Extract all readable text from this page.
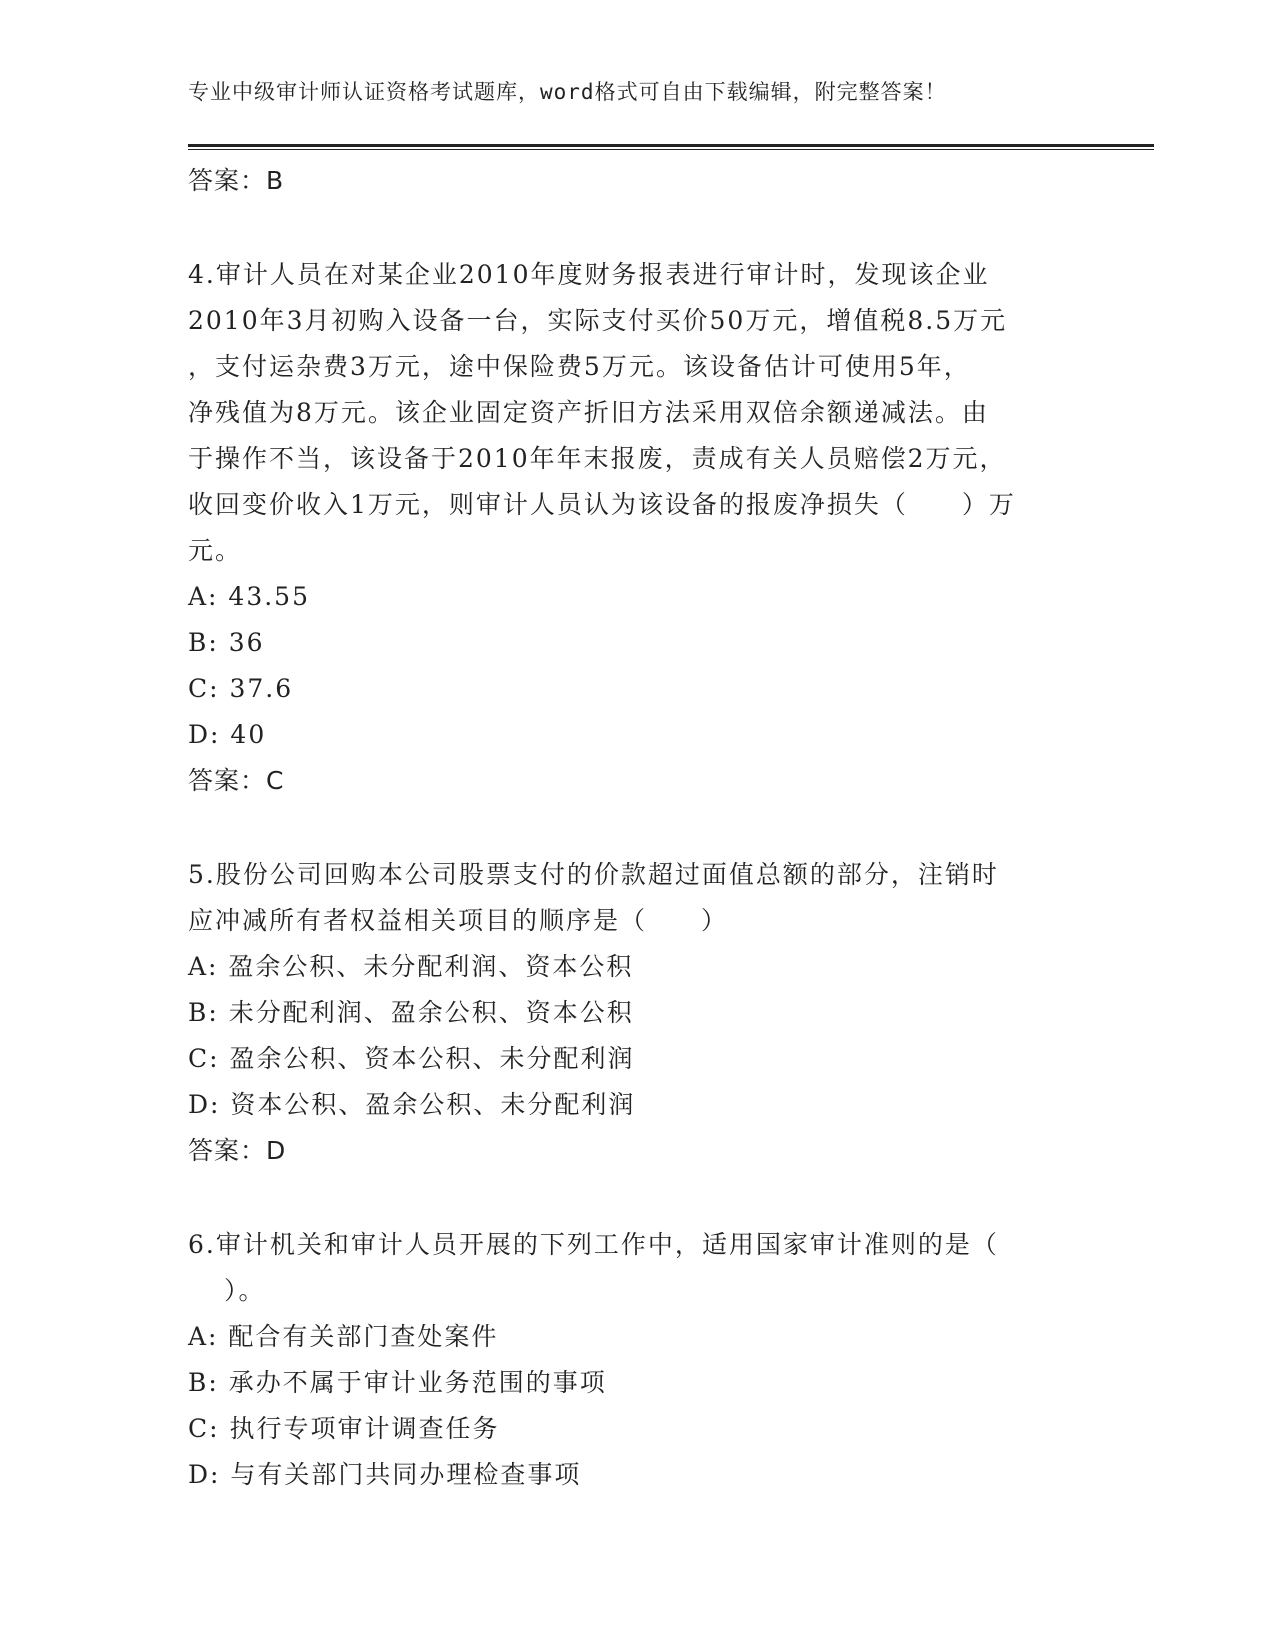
专业中级审计师认证资格考试题库，word格式可自由下载编辑，附完整答案！
答案：B
4.审计人员在对某企业2010年度财务报表进行审计时，发现该企业
2010年3月初购入设备一台，实际支付买价50万元，增值税8.5万元
，支付运杂费3万元，途中保险费5万元。该设备估计可使用5年，
净残值为8万元。该企业固定资产折旧方法采用双倍余额递减法。由
于操作不当，该设备于2010年年末报废，责成有关人员赔偿2万元，
收回变价收入1万元，则审计人员认为该设备的报废净损失（　　）万
元。
A: 43.55
B: 36
C: 37.6
D: 40
答案：C
5.股份公司回购本公司股票支付的价款超过面值总额的部分，注销时
应冲减所有者权益相关项目的顺序是（　　）
A: 盈余公积、未分配利润、资本公积
B: 未分配利润、盈余公积、资本公积
C: 盈余公积、资本公积、未分配利润
D: 资本公积、盈余公积、未分配利润
答案：D
6.审计机关和审计人员开展的下列工作中，适用国家审计准则的是（
）。
A: 配合有关部门查处案件
B: 承办不属于审计业务范围的事项
C: 执行专项审计调查任务
D: 与有关部门共同办理检查事项
